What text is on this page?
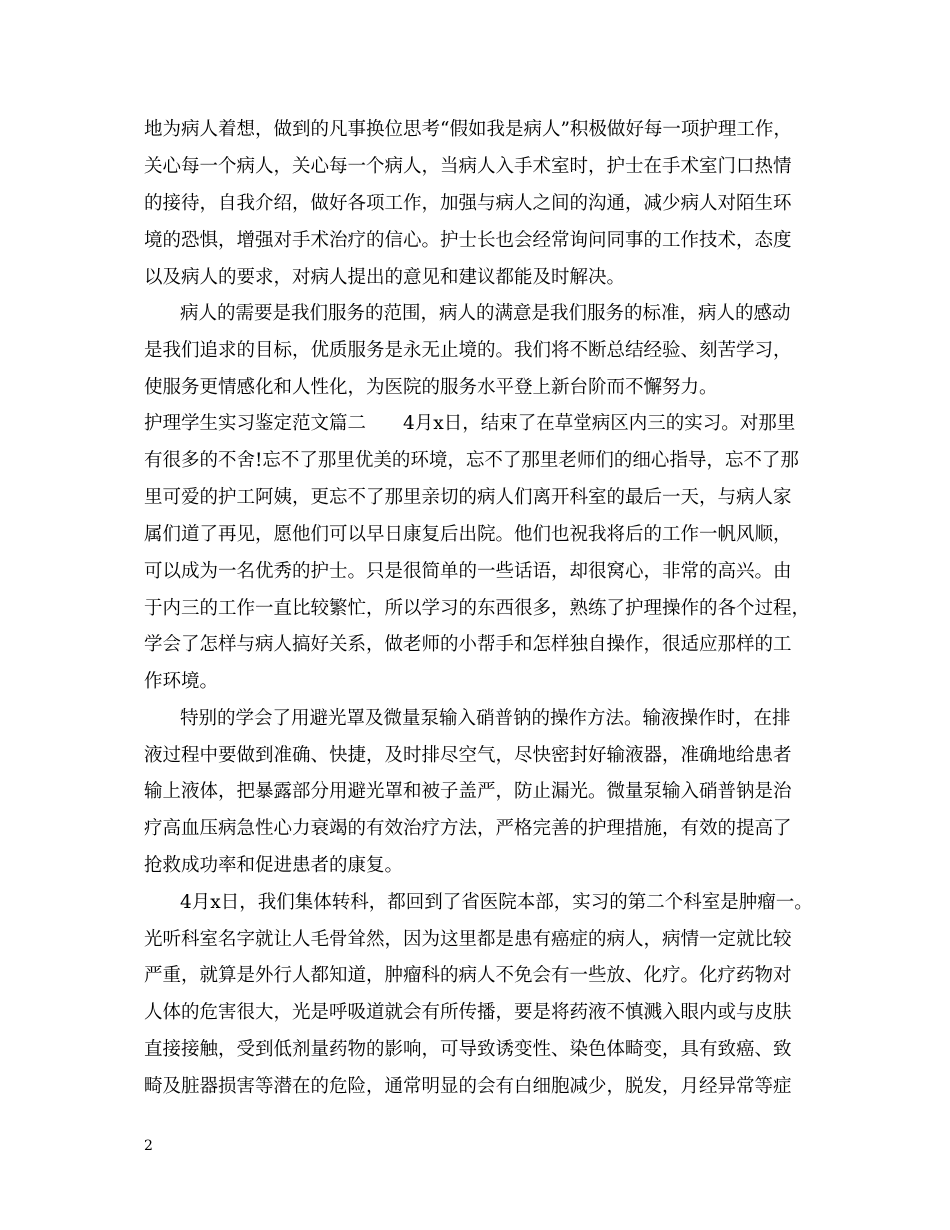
地为病人着想，做到的凡事换位思考“假如我是病人”积极做好每一项护理工作，
关心每一个病人，关心每一个病人，当病人入手术室时，护士在手术室门口热情
的接待，自我介绍，做好各项工作，加强与病人之间的沟通，减少病人对陌生环
境的恐惧，增强对手术治疗的信心。护士长也会经常询问同事的工作技术，态度
以及病人的要求，对病人提出的意见和建议都能及时解决。
病人的需要是我们服务的范围，病人的满意是我们服务的标准，病人的感动
是我们追求的目标，优质服务是永无止境的。我们将不断总结经验、刻苦学习，
使服务更情感化和人性化，为医院的服务水平登上新台阶而不懈努力。
护理学生实习鉴定范文篇二　　4月x日，结束了在草堂病区内三的实习。对那里
有很多的不舍!忘不了那里优美的环境，忘不了那里老师们的细心指导，忘不了那
里可爱的护工阿姨，更忘不了那里亲切的病人们离开科室的最后一天，与病人家
属们道了再见，愿他们可以早日康复后出院。他们也祝我将后的工作一帆风顺，
可以成为一名优秀的护士。只是很简单的一些话语，却很窝心，非常的高兴。由
于内三的工作一直比较繁忙，所以学习的东西很多，熟练了护理操作的各个过程，
学会了怎样与病人搞好关系，做老师的小帮手和怎样独自操作，很适应那样的工
作环境。
特别的学会了用避光罩及微量泵输入硝普钠的操作方法。输液操作时，在排
液过程中要做到准确、快捷，及时排尽空气，尽快密封好输液器，准确地给患者
输上液体，把暴露部分用避光罩和被子盖严，防止漏光。微量泵输入硝普钠是治
疗高血压病急性心力衰竭的有效治疗方法，严格完善的护理措施，有效的提高了
抢救成功率和促进患者的康复。
4月x日，我们集体转科，都回到了省医院本部，实习的第二个科室是肿瘤一。
光听科室名字就让人毛骨耸然，因为这里都是患有癌症的病人，病情一定就比较
严重，就算是外行人都知道，肿瘤科的病人不免会有一些放、化疗。化疗药物对
人体的危害很大，光是呼吸道就会有所传播，要是将药液不慎溅入眼内或与皮肤
直接接触，受到低剂量药物的影响，可导致诱变性、染色体畸变，具有致癌、致
畸及脏器损害等潜在的危险，通常明显的会有白细胞减少，脱发，月经异常等症
2
